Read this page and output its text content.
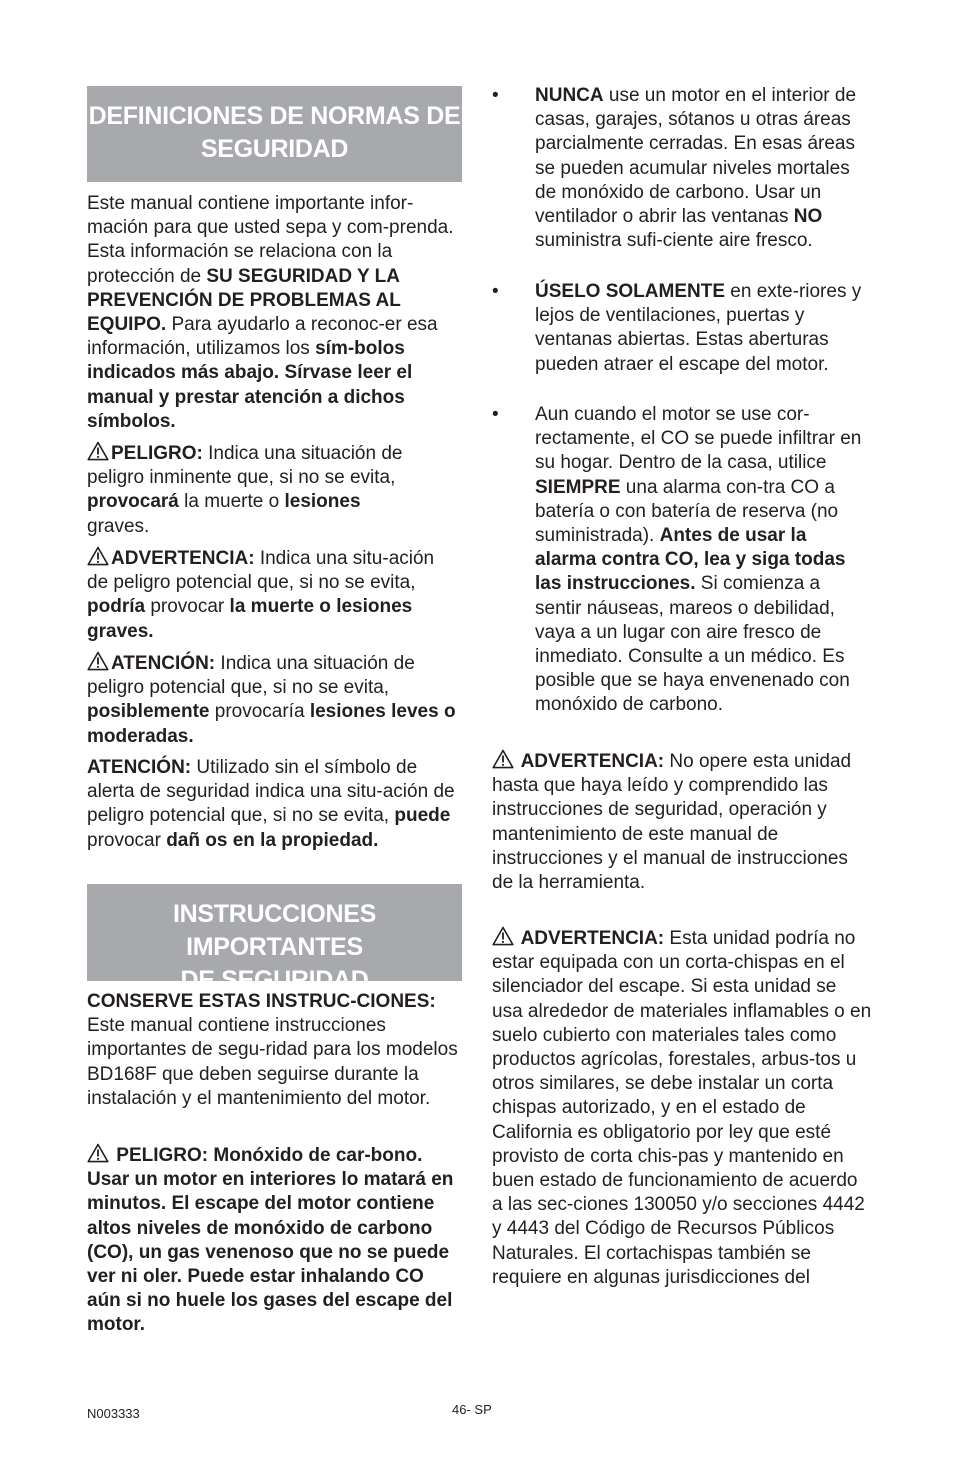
DEFINICIONES DE NORMAS DE
SEGURIDAD

Este manual contiene importante infor-mación para que usted sepa y com-prenda. Esta información se relaciona con la protección de SU SEGURIDAD Y LA PREVENCIÓN DE PROBLEMAS AL EQUIPO. Para ayudarlo a reconoc-er esa información, utilizamos los sím-bolos indicados más abajo. Sírvase leer el manual y prestar atención a dichos símbolos.

PELIGRO: Indica una situación de peligro inminente que, si no se evita, provocará la muerte o lesiones graves.

ADVERTENCIA: Indica una situ-ación de peligro potencial que, si no se evita, podría provocar la muerte o lesiones graves.

ATENCIÓN: Indica una situación de peligro potencial que, si no se evita, posiblemente provocaría lesiones leves o moderadas.

ATENCIÓN: Utilizado sin el símbolo de alerta de seguridad indica una situ-ación de peligro potencial que, si no se evita, puede provocar dañ os en la propiedad.

INSTRUCCIONES IMPORTANTES
DE SEGURIDAD

CONSERVE ESTAS INSTRUC-CIONES: Este manual contiene instrucciones importantes de segu-ridad para los modelos BD168F que deben seguirse durante la instalación y el mantenimiento del motor.

PELIGRO: Monóxido de car-bono. Usar un motor en interiores lo matará en minutos. El escape del motor contiene altos niveles de monóxido de carbono (CO), un gas venenoso que no se puede ver ni oler. Puede estar inhalando CO aún si no huele los gases del escape del motor.

• NUNCA use un motor en el interior de casas, garajes, sótanos u otras áreas parcialmente cerradas. En esas áreas se pueden acumular niveles mortales de monóxido de carbono. Usar un ventilador o abrir las ventanas NO suministra sufi-ciente aire fresco.

• ÚSELO SOLAMENTE en exte-riores y lejos de ventilaciones, puertas y ventanas abiertas. Estas aberturas pueden atraer el escape del motor.

• Aun cuando el motor se use cor-rectamente, el CO se puede infiltrar en su hogar. Dentro de la casa, utilice SIEMPRE una alarma con-tra CO a batería o con batería de reserva (no suministrada). Antes de usar la alarma contra CO, lea y siga todas las instrucciones. Si comienza a sentir náuseas, mareos o debilidad, vaya a un lugar con aire fresco de inmediato. Consulte a un médico. Es posible que se haya envenenado con monóxido de carbono.

ADVERTENCIA: No opere esta unidad hasta que haya leído y comprendido las instrucciones de seguridad, operación y mantenimiento de este manual de instrucciones y el manual de instrucciones de la herramienta.

ADVERTENCIA: Esta unidad podría no estar equipada con un corta-chispas en el silenciador del escape. Si esta unidad se usa alrededor de materiales inflamables o en suelo cubierto con materiales tales como productos agrícolas, forestales, arbus-tos u otros similares, se debe instalar un corta chispas autorizado, y en el estado de California es obligatorio por ley que esté provisto de corta chis-pas y mantenido en buen estado de funcionamiento de acuerdo a las sec-ciones 130050 y/o secciones 4442 y 4443 del Código de Recursos Públicos Naturales. El cortachispas también se requiere en algunas jurisdicciones del

N003333	46- SP
